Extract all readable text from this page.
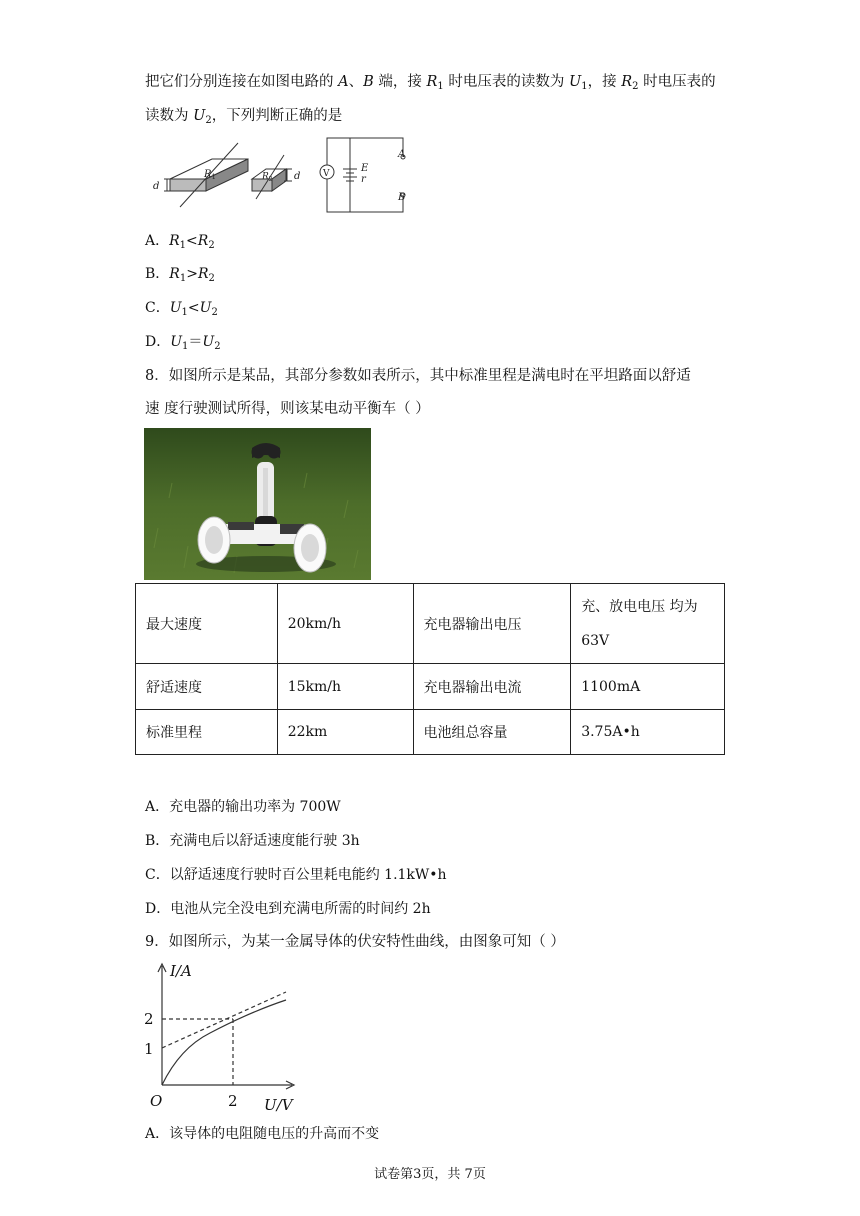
把它们分别连接在如图电路的 A、B 端，接 $R_1$ 时电压表的读数为 $U_1$，接 $R_2$ 时电压表的
读数为 $U_2$，下列判断正确的是
$R_1$	$R_2$
d
d	V	E
r
A
B
A．$R_1<R_2$
B．$R_1>R_2$
C．$U_1<U_2$
D．$U_1=U_2$
8．如图所示是某品，其部分参数如表所示，其中标准里程是满电时在平坦路面以舒适
速 度行驶测试所得，则该某电动平衡车（ ）
最大速度	20km/h	充电器输出电压	充、放电电压 均为
63V

舒适速度	15km/h	充电器输出电流	1100mA
标准里程	22km	电池组总容量	3.75A•h
A．充电器的输出功率为 700W
B．充满电后以舒适速度能行驶 3h
C．以舒适速度行驶时百公里耗电能约 1.1kW•h
D．电池从完全没电到充满电所需的时间约 2h
9．如图所示，为某一金属导体的伏安特性曲线，由图象可知（ ）
I/A
U/V
O
2
1
2
A．该导体的电阻随电压的升高而不变
试卷第3页，共 7页
